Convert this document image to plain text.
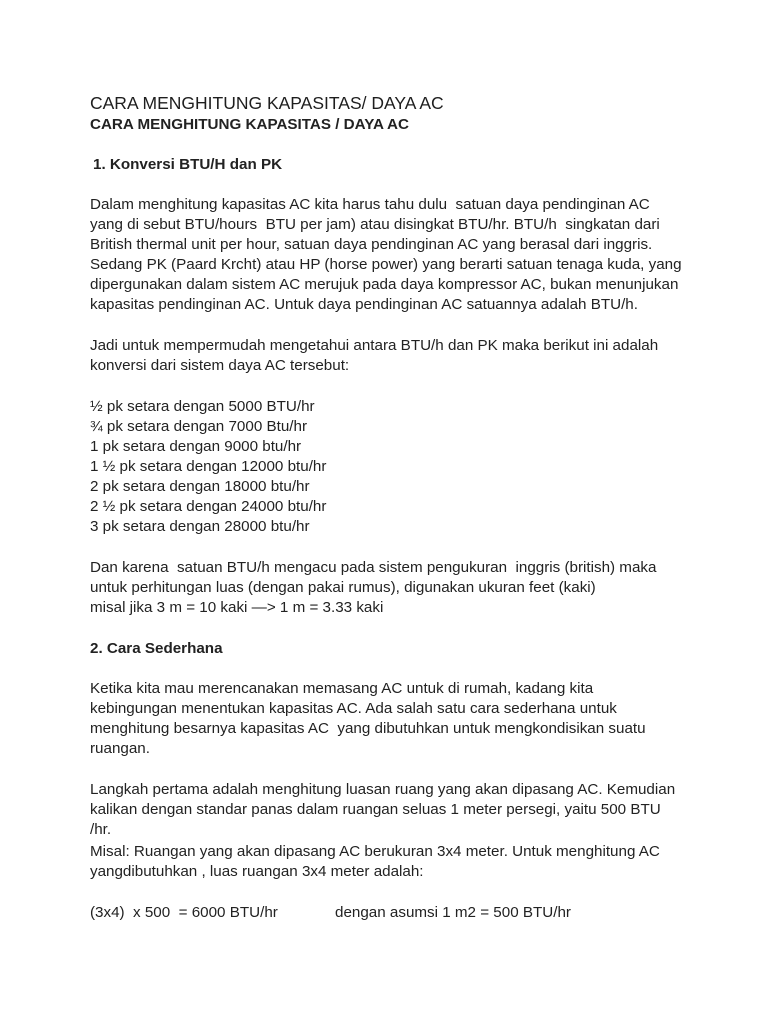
CARA MENGHITUNG KAPASITAS/ DAYA AC

CARA MENGHITUNG KAPASITAS / DAYA AC

1. Konversi BTU/H dan PK

Dalam menghitung kapasitas AC kita harus tahu dulu  satuan daya pendinginan AC

yang di sebut BTU/hours  BTU per jam) atau disingkat BTU/hr. BTU/h  singkatan dari

British thermal unit per hour, satuan daya pendinginan AC yang berasal dari inggris.

Sedang PK (Paard Krcht) atau HP (horse power) yang berarti satuan tenaga kuda, yang

dipergunakan dalam sistem AC merujuk pada daya kompressor AC, bukan menunjukan

kapasitas pendinginan AC. Untuk daya pendinginan AC satuannya adalah BTU/h.

Jadi untuk mempermudah mengetahui antara BTU/h dan PK maka berikut ini adalah

konversi dari sistem daya AC tersebut:

½ pk setara dengan 5000 BTU/hr

¾ pk setara dengan 7000 Btu/hr

1 pk setara dengan 9000 btu/hr

1 ½ pk setara dengan 12000 btu/hr

2 pk setara dengan 18000 btu/hr

2 ½ pk setara dengan 24000 btu/hr

3 pk setara dengan 28000 btu/hr

Dan karena  satuan BTU/h mengacu pada sistem pengukuran  inggris (british) maka

untuk perhitungan luas (dengan pakai rumus), digunakan ukuran feet (kaki)

misal jika 3 m = 10 kaki —> 1 m = 3.33 kaki

2. Cara Sederhana

Ketika kita mau merencanakan memasang AC untuk di rumah, kadang kita

kebingungan menentukan kapasitas AC. Ada salah satu cara sederhana untuk

menghitung besarnya kapasitas AC  yang dibutuhkan untuk mengkondisikan suatu

ruangan.

Langkah pertama adalah menghitung luasan ruang yang akan dipasang AC. Kemudian

kalikan dengan standar panas dalam ruangan seluas 1 meter persegi, yaitu 500 BTU

/hr.

Misal: Ruangan yang akan dipasang AC berukuran 3x4 meter. Untuk menghitung AC

yangdibutuhkan , luas ruangan 3x4 meter adalah:

(3x4)  x 500  = 6000 BTU/hr	dengan asumsi 1 m2 = 500 BTU/hr
